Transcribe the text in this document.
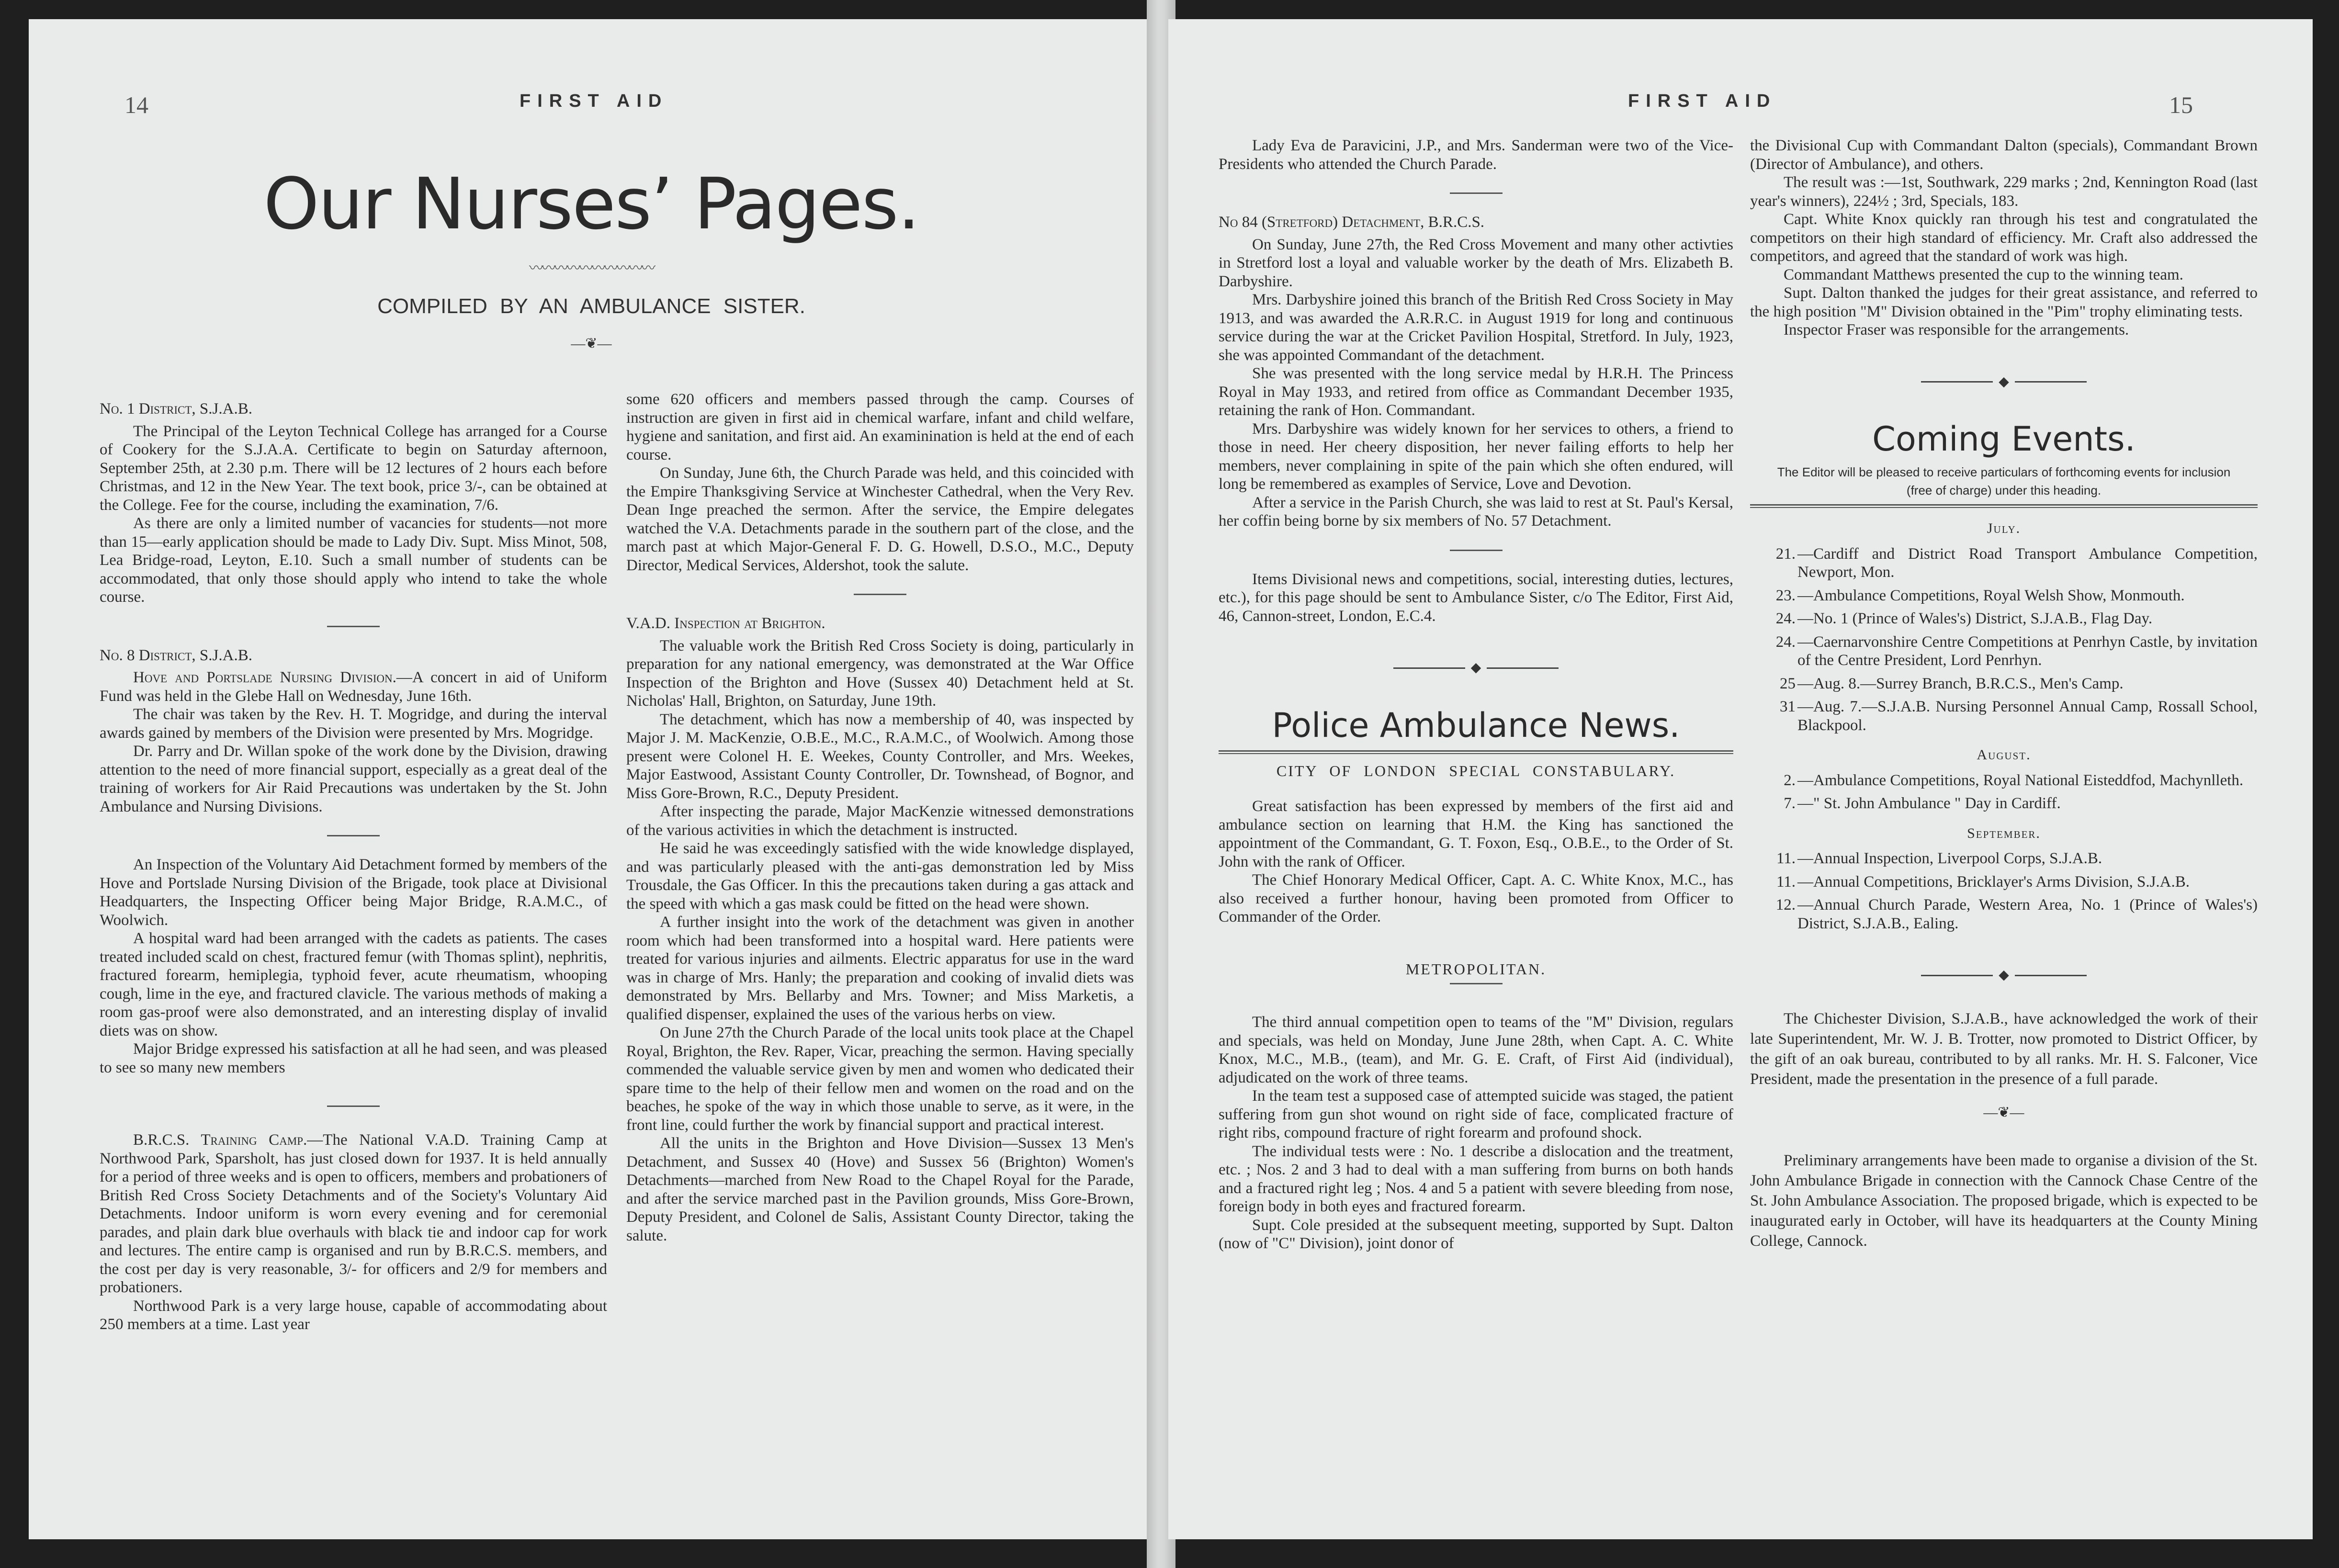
14	FIRST AID
Our Nurses’ Pages.
〰〰〰〰〰〰〰〰〰〰
COMPILED BY AN AMBULANCE SISTER.
—❦—

No. 1 District, S.J.A.B.

The Principal of the Leyton Technical College has arranged for a Course of Cookery for the S.J.A.A. Certificate to begin on Saturday afternoon, September 25th, at 2.30 p.m. There will be 12 lectures of 2 hours each before Christmas, and 12 in the New Year. The text book, price 3/-, can be obtained at the College. Fee for the course, including the examination, 7/6.

As there are only a limited number of vacancies for students—not more than 15—early application should be made to Lady Div. Supt. Miss Minot, 508, Lea Bridge-road, Leyton, E.10. Such a small number of students can be accommodated, that only those should apply who intend to take the whole course.

No. 8 District, S.J.A.B.

Hove and Portslade Nursing Division.—A concert in aid of Uniform Fund was held in the Glebe Hall on Wednesday, June 16th.

The chair was taken by the Rev. H. T. Mogridge, and during the interval awards gained by members of the Division were presented by Mrs. Mogridge.

Dr. Parry and Dr. Willan spoke of the work done by the Division, drawing attention to the need of more financial support, especially as a great deal of the training of workers for Air Raid Precautions was undertaken by the St. John Ambulance and Nursing Divisions.

An Inspection of the Voluntary Aid Detachment formed by members of the Hove and Portslade Nursing Division of the Brigade, took place at Divisional Headquarters, the Inspecting Officer being Major Bridge, R.A.M.C., of Woolwich.

A hospital ward had been arranged with the cadets as patients. The cases treated included scald on chest, fractured femur (with Thomas splint), nephritis, fractured forearm, hemiplegia, typhoid fever, acute rheumatism, whooping cough, lime in the eye, and fractured clavicle. The various methods of making a room gas-proof were also demonstrated, and an interesting display of invalid diets was on show.

Major Bridge expressed his satisfaction at all he had seen, and was pleased to see so many new members

B.R.C.S. Training Camp.—The National V.A.D. Training Camp at Northwood Park, Sparsholt, has just closed down for 1937. It is held annually for a period of three weeks and is open to officers, members and probationers of British Red Cross Society Detachments and of the Society's Voluntary Aid Detachments. Indoor uniform is worn every evening and for ceremonial parades, and plain dark blue overhauls with black tie and indoor cap for work and lectures. The entire camp is organised and run by B.R.C.S. members, and the cost per day is very reasonable, 3/- for officers and 2/9 for members and probationers.

Northwood Park is a very large house, capable of accommodating about 250 members at a time. Last year

some 620 officers and members passed through the camp. Courses of instruction are given in first aid in chemical warfare, infant and child welfare, hygiene and sanitation, and first aid. An examinination is held at the end of each course.

On Sunday, June 6th, the Church Parade was held, and this coincided with the Empire Thanksgiving Service at Winchester Cathedral, when the Very Rev. Dean Inge preached the sermon. After the service, the Empire delegates watched the V.A. Detachments parade in the southern part of the close, and the march past at which Major-General F. D. G. Howell, D.S.O., M.C., Deputy Director, Medical Services, Aldershot, took the salute.

V.A.D. Inspection at Brighton.

The valuable work the British Red Cross Society is doing, particularly in preparation for any national emergency, was demonstrated at the War Office Inspection of the Brighton and Hove (Sussex 40) Detachment held at St. Nicholas' Hall, Brighton, on Saturday, June 19th.

The detachment, which has now a membership of 40, was inspected by Major J. M. MacKenzie, O.B.E., M.C., R.A.M.C., of Woolwich. Among those present were Colonel H. E. Weekes, County Controller, and Mrs. Weekes, Major Eastwood, Assistant County Controller, Dr. Townshead, of Bognor, and Miss Gore-Brown, R.C., Deputy President.

After inspecting the parade, Major MacKenzie witnessed demonstrations of the various activities in which the detachment is instructed.

He said he was exceedingly satisfied with the wide knowledge displayed, and was particularly pleased with the anti-gas demonstration led by Miss Trousdale, the Gas Officer. In this the precautions taken during a gas attack and the speed with which a gas mask could be fitted on the head were shown.

A further insight into the work of the detachment was given in another room which had been transformed into a hospital ward. Here patients were treated for various injuries and ailments. Electric apparatus for use in the ward was in charge of Mrs. Hanly; the preparation and cooking of invalid diets was demonstrated by Mrs. Bellarby and Mrs. Towner; and Miss Marketis, a qualified dispenser, explained the uses of the various herbs on view.

On June 27th the Church Parade of the local units took place at the Chapel Royal, Brighton, the Rev. Raper, Vicar, preaching the sermon. Having specially commended the valuable service given by men and women who dedicated their spare time to the help of their fellow men and women on the road and on the beaches, he spoke of the way in which those unable to serve, as it were, in the front line, could further the work by financial support and practical interest.

All the units in the Brighton and Hove Division—Sussex 13 Men's Detachment, and Sussex 40 (Hove) and Sussex 56 (Brighton) Women's Detachments—marched from New Road to the Chapel Royal for the Parade, and after the service marched past in the Pavilion grounds, Miss Gore-Brown, Deputy President, and Colonel de Salis, Assistant County Director, taking the salute.

FIRST AID	15

Lady Eva de Paravicini, J.P., and Mrs. Sanderman were two of the Vice-Presidents who attended the Church Parade.

No 84 (Stretford) Detachment, B.R.C.S.

On Sunday, June 27th, the Red Cross Movement and many other activties in Stretford lost a loyal and valuable worker by the death of Mrs. Elizabeth B. Darbyshire.

Mrs. Darbyshire joined this branch of the British Red Cross Society in May 1913, and was awarded the A.R.R.C. in August 1919 for long and continuous service during the war at the Cricket Pavilion Hospital, Stretford. In July, 1923, she was appointed Commandant of the detachment.

She was presented with the long service medal by H.R.H. The Princess Royal in May 1933, and retired from office as Commandant December 1935, retaining the rank of Hon. Commandant.

Mrs. Darbyshire was widely known for her services to others, a friend to those in need. Her cheery disposition, her never failing efforts to help her members, never complaining in spite of the pain which she often endured, will long be remembered as examples of Service, Love and Devotion.

After a service in the Parish Church, she was laid to rest at St. Paul's Kersal, her coffin being borne by six members of No. 57 Detachment.

Items Divisional news and competitions, social, interesting duties, lectures, etc.), for this page should be sent to Ambulance Sister, c/o The Editor, First Aid, 46, Cannon-street, London, E.C.4.

◆
Police Ambulance News.
CITY OF LONDON SPECIAL CONSTABULARY.

Great satisfaction has been expressed by members of the first aid and ambulance section on learning that H.M. the King has sanctioned the appointment of the Commandant, G. T. Foxon, Esq., O.B.E., to the Order of St. John with the rank of Officer.

The Chief Honorary Medical Officer, Capt. A. C. White Knox, M.C., has also received a further honour, having been promoted from Officer to Commander of the Order.

METROPOLITAN.

The third annual competition open to teams of the "M" Division, regulars and specials, was held on Monday, June June 28th, when Capt. A. C. White Knox, M.C., M.B., (team), and Mr. G. E. Craft, of First Aid (individual), adjudicated on the work of three teams.

In the team test a supposed case of attempted suicide was staged, the patient suffering from gun shot wound on right side of face, complicated fracture of right ribs, compound fracture of right forearm and profound shock.

The individual tests were : No. 1 describe a dislocation and the treatment, etc. ; Nos. 2 and 3 had to deal with a man suffering from burns on both hands and a fractured right leg ; Nos. 4 and 5 a patient with severe bleeding from nose, foreign body in both eyes and fractured forearm.

Supt. Cole presided at the subsequent meeting, supported by Supt. Dalton (now of "C" Division), joint donor of

the Divisional Cup with Commandant Dalton (specials), Commandant Brown (Director of Ambulance), and others.

The result was :—1st, Southwark, 229 marks ; 2nd, Kennington Road (last year's winners), 224½ ; 3rd, Specials, 183.

Capt. White Knox quickly ran through his test and congratulated the competitors on their high standard of efficiency. Mr. Craft also addressed the competitors, and agreed that the standard of work was high.

Commandant Matthews presented the cup to the winning team.

Supt. Dalton thanked the judges for their great assistance, and referred to the high position "M" Division obtained in the "Pim" trophy eliminating tests.

Inspector Fraser was responsible for the arrangements.

◆
Coming Events.
The Editor will be pleased to receive particulars of forthcoming events for inclusion (free of charge) under this heading.
July.
21. —Cardiff and District Road Transport Ambulance Competition, Newport, Mon.
23. —Ambulance Competitions, Royal Welsh Show, Monmouth.
24. —No. 1 (Prince of Wales's) District, S.J.A.B., Flag Day.
24. —Caernarvonshire Centre Competitions at Penrhyn Castle, by invitation of the Centre President, Lord Penrhyn.
25 —Aug. 8.—Surrey Branch, B.R.C.S., Men's Camp.
31 —Aug. 7.—S.J.A.B. Nursing Personnel Annual Camp, Rossall School, Blackpool.
August.
2. —Ambulance Competitions, Royal National Eisteddfod, Machynlleth.
7. —" St. John Ambulance " Day in Cardiff.
September.
11. —Annual Inspection, Liverpool Corps, S.J.A.B.
11. —Annual Competitions, Bricklayer's Arms Division, S.J.A.B.
12. —Annual Church Parade, Western Area, No. 1 (Prince of Wales's) District, S.J.A.B., Ealing.
◆

The Chichester Division, S.J.A.B., have acknowledged the work of their late Superintendent, Mr. W. J. B. Trotter, now promoted to District Officer, by the gift of an oak bureau, contributed to by all ranks. Mr. H. S. Falconer, Vice President, made the presentation in the presence of a full parade.

—❦—

Preliminary arrangements have been made to organise a division of the St. John Ambulance Brigade in connection with the Cannock Chase Centre of the St. John Ambulance Association. The proposed brigade, which is expected to be inaugurated early in October, will have its headquarters at the County Mining College, Cannock.
